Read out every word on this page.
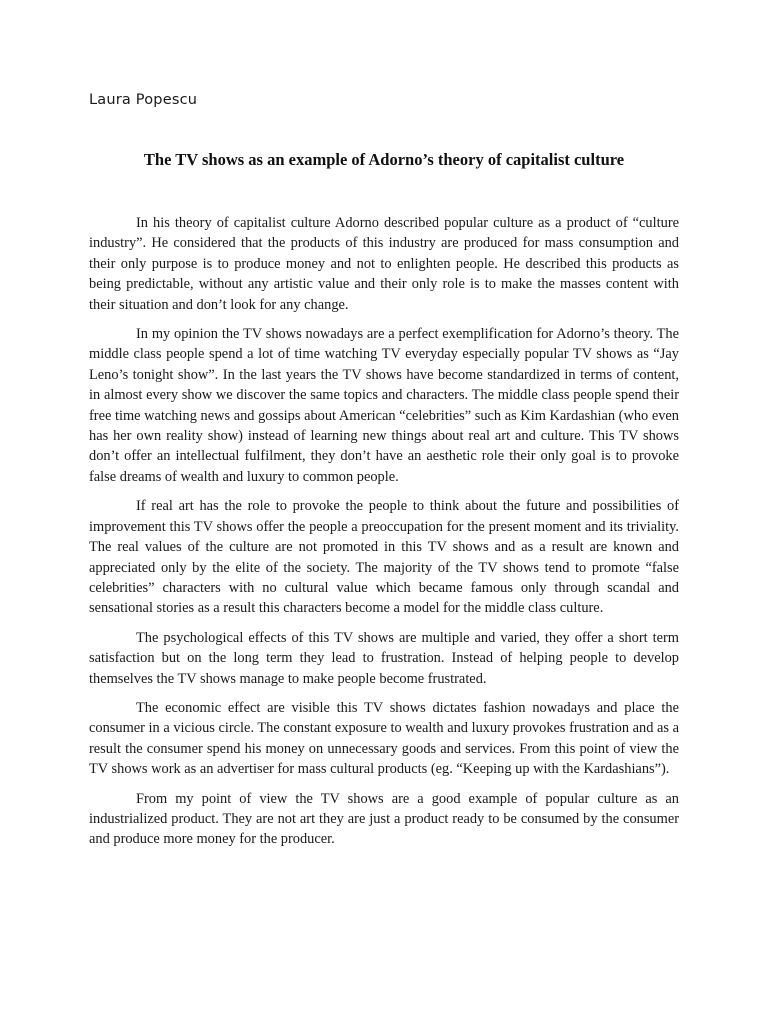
Laura Popescu
The TV shows as an example of Adorno’s theory of capitalist culture

In his theory of capitalist culture Adorno described popular culture as a product of “culture industry”. He considered that the products of this industry are produced for mass consumption and their only purpose is to produce money and not to enlighten people. He described this products as being predictable, without any artistic value and their only role is to make the masses content with their situation and don’t look for any change.

In my opinion the TV shows nowadays are a perfect exemplification for Adorno’s theory. The middle class people spend a lot of time watching TV everyday especially popular TV shows as “Jay Leno’s tonight show”. In the last years the TV shows have become standardized in terms of content, in almost every show we discover the same topics and characters. The middle class people spend their free time watching news and gossips about American “celebrities” such as Kim Kardashian (who even has her own reality show) instead of learning new things about real art and culture. This TV shows don’t offer an intellectual fulfilment, they don’t have an aesthetic role their only goal is to provoke false dreams of wealth and luxury to common people.

If real art has the role to provoke the people to think about the future and possibilities of improvement this TV shows offer the people a preoccupation for the present moment and its triviality. The real values of the culture are not promoted in this TV shows and as a result are known and appreciated only by the elite of the society. The majority of the TV shows tend to promote “false celebrities” characters with no cultural value which became famous only through scandal and sensational stories as a result this characters become a model for the middle class culture.

The psychological effects of this TV shows are multiple and varied, they offer a short term satisfaction but on the long term they lead to frustration. Instead of helping people to develop themselves the TV shows manage to make people become frustrated.

The economic effect are visible this TV shows dictates fashion nowadays and place the consumer in a vicious circle. The constant exposure to wealth and luxury provokes frustration and as a result the consumer spend his money on unnecessary goods and services. From this point of view the TV shows work as an advertiser for mass cultural products (eg. “Keeping up with the Kardashians”).

From my point of view the TV shows are a good example of popular culture as an industrialized product. They are not art they are just a product ready to be consumed by the consumer and produce more money for the producer.
